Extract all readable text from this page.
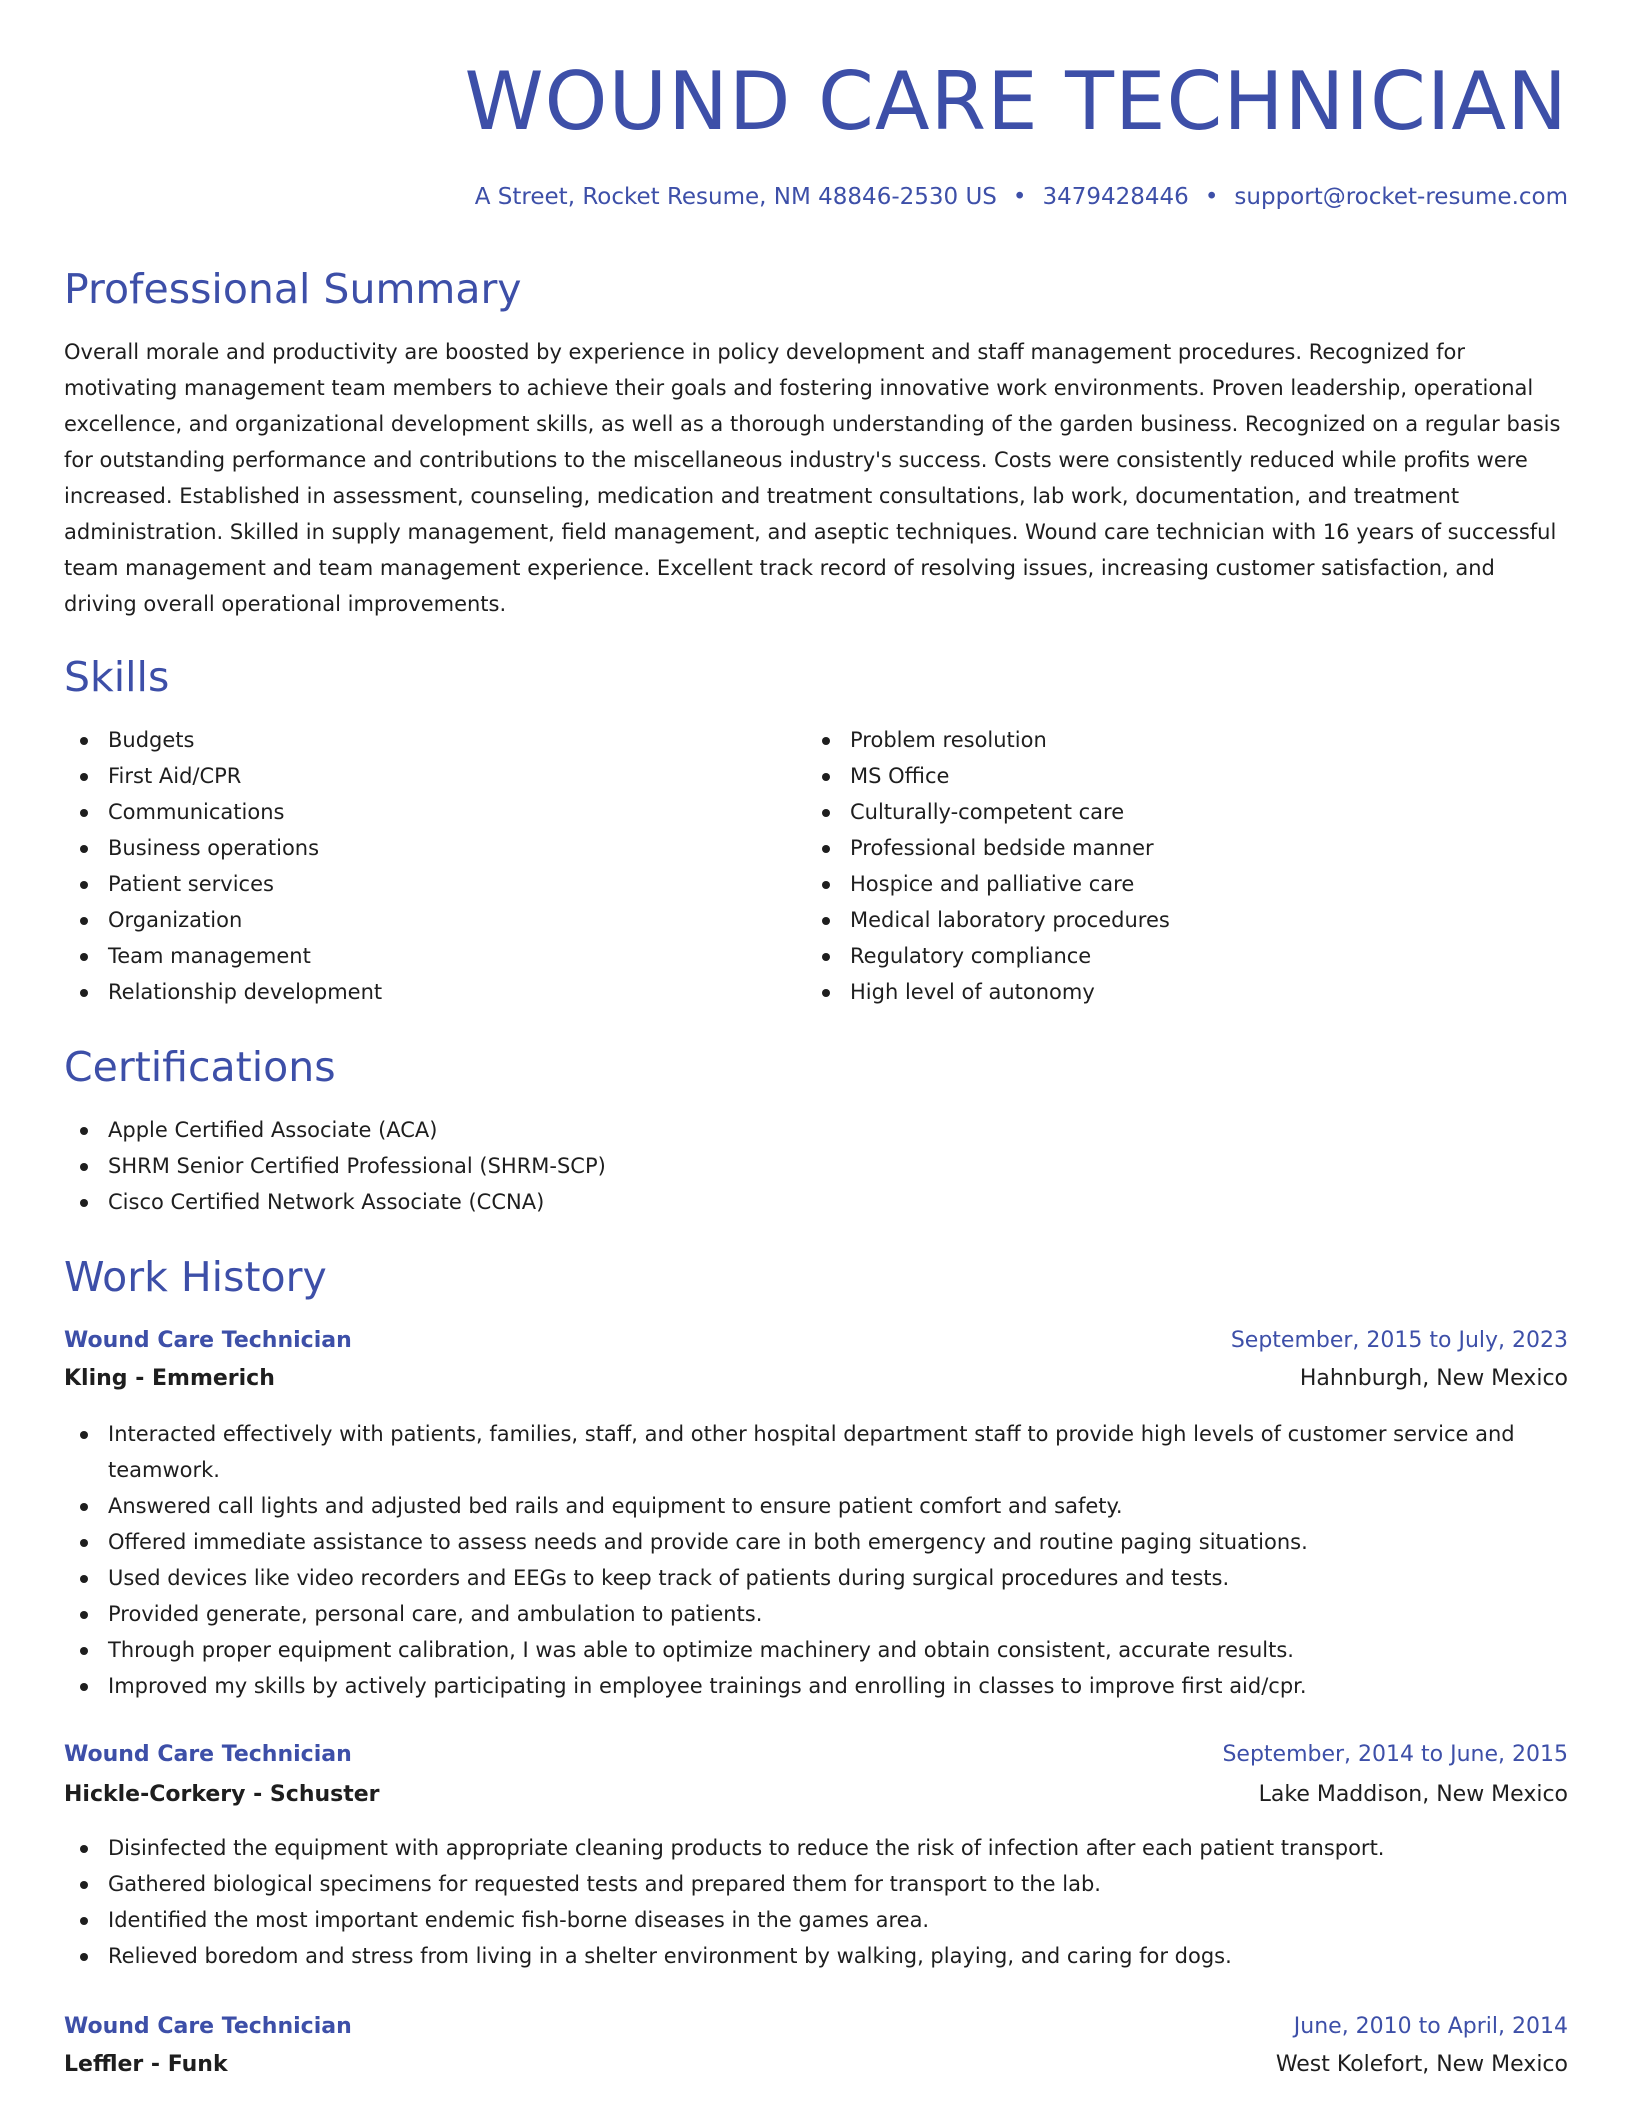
WOUND CARE TECHNICIAN
A Street, Rocket Resume, NM 48846-2530 US • 3479428446 • support@rocket-resume.com
Professional Summary

Overall morale and productivity are boosted by experience in policy development and staff management procedures. Recognized for motivating management team members to achieve their goals and fostering innovative work environments. Proven leadership, operational excellence, and organizational development skills, as well as a thorough understanding of the garden business. Recognized on a regular basis for outstanding performance and contributions to the miscellaneous industry's success. Costs were consistently reduced while profits were increased. Established in assessment, counseling, medication and treatment consultations, lab work, documentation, and treatment administration. Skilled in supply management, field management, and aseptic techniques. Wound care technician with 16 years of successful team management and team management experience. Excellent track record of resolving issues, increasing customer satisfaction, and driving overall operational improvements.

Skills
Budgets
First Aid/CPR
Communications
Business operations
Patient services
Organization
Team management
Relationship development
Problem resolution
MS Office
Culturally-competent care
Professional bedside manner
Hospice and palliative care
Medical laboratory procedures
Regulatory compliance
High level of autonomy
Certifications
Apple Certified Associate (ACA)
SHRM Senior Certified Professional (SHRM-SCP)
Cisco Certified Network Associate (CCNA)
Work History
Wound Care Technician	September, 2015 to July, 2023
Kling - Emmerich	Hahnburgh, New Mexico
Interacted effectively with patients, families, staff, and other hospital department staff to provide high levels of customer service and teamwork.
Answered call lights and adjusted bed rails and equipment to ensure patient comfort and safety.
Offered immediate assistance to assess needs and provide care in both emergency and routine paging situations.
Used devices like video recorders and EEGs to keep track of patients during surgical procedures and tests.
Provided generate, personal care, and ambulation to patients.
Through proper equipment calibration, I was able to optimize machinery and obtain consistent, accurate results.
Improved my skills by actively participating in employee trainings and enrolling in classes to improve first aid/cpr.
Wound Care Technician	September, 2014 to June, 2015
Hickle-Corkery - Schuster	Lake Maddison, New Mexico
Disinfected the equipment with appropriate cleaning products to reduce the risk of infection after each patient transport.
Gathered biological specimens for requested tests and prepared them for transport to the lab.
Identified the most important endemic fish-borne diseases in the games area.
Relieved boredom and stress from living in a shelter environment by walking, playing, and caring for dogs.
Wound Care Technician	June, 2010 to April, 2014
Leffler - Funk	West Kolefort, New Mexico
